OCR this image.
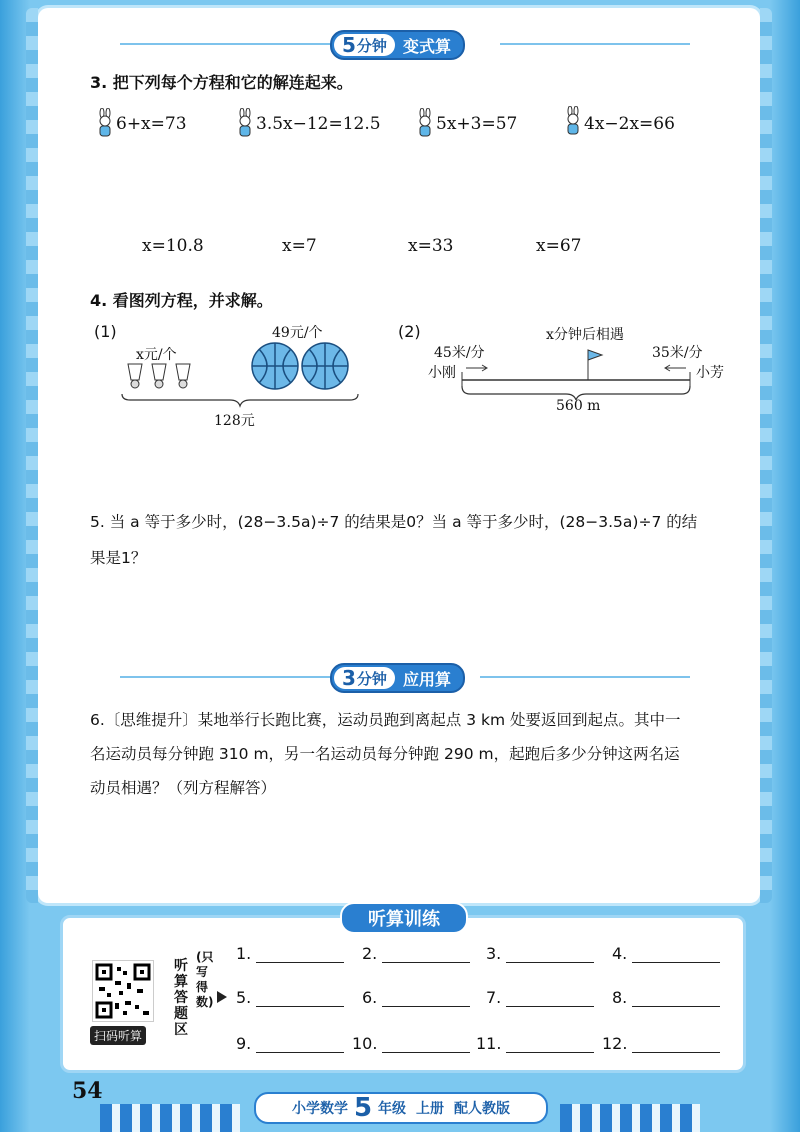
5 分钟	变式算
3. 把下列每个方程和它的解连起来。
6+x=73	3.5x−12=12.5	5x+3=57	4x−2x=66
x=10.8	x=7	x=33	x=67
4. 看图列方程，并求解。
(1)
x元/个
49元/个
128元
(2)	x分钟后相遇
45米/分	35米/分
小刚	小芳
560 m
5. 当 a 等于多少时，(28−3.5a)÷7 的结果是0？当 a 等于多少时，(28−3.5a)÷7 的结
果是1？
3 分钟	应用算
6.〔思维提升〕某地举行长跑比赛，运动员跑到离起点 3 km 处要返回到起点。其中一
名运动员每分钟跑 310 m，另一名运动员每分钟跑 290 m，起跑后多少分钟这两名运
动员相遇？（列方程解答）
听算训练
扫码听算
听算答题区
(只写得数)
1.	2.	3.	4.
5.	6.	7.	8.
9.	10.	11.	12.
54
小学数学 5 年级 上册 配人教版
